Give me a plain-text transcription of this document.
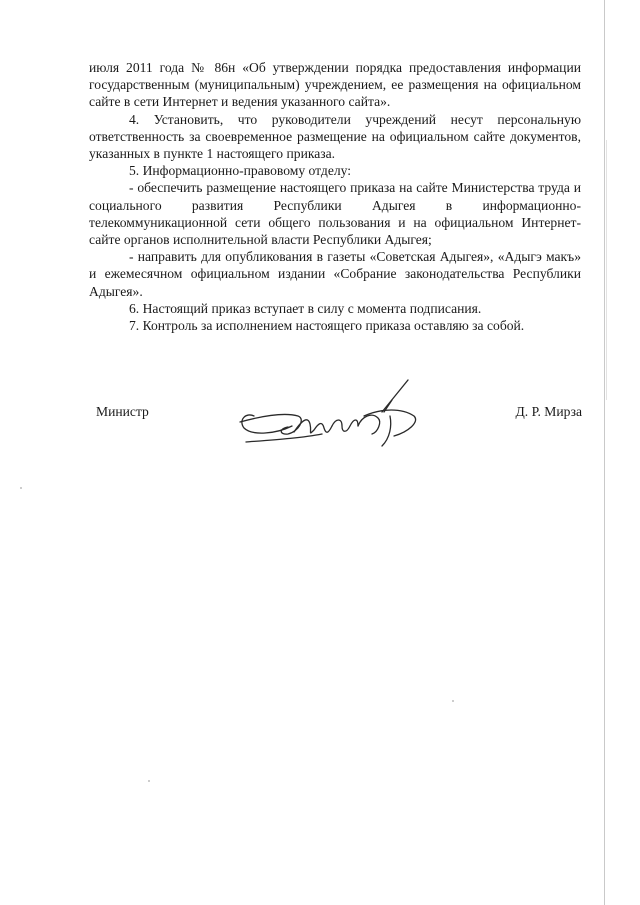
июля 2011 года № 86н «Об утверждении порядка предоставления информации государственным (муниципальным) учреждением, ее размещения на официальном сайте в сети Интернет и ведения указанного сайта».

4. Установить, что руководители учреждений несут персональную ответственность за своевременное размещение на официальном сайте документов, указанных в пункте 1 настоящего приказа.

5. Информационно-правовому отделу:

- обеспечить размещение настоящего приказа на сайте Министерства труда и социального развития Республики Адыгея в информационно-телекоммуникационной сети общего пользования и на официальном Интернет-сайте органов исполнительной власти Республики Адыгея;

- направить для опубликования в газеты «Советская Адыгея», «Адыгэ макъ» и ежемесячном официальном издании «Собрание законодательства Республики Адыгея».

6. Настоящий приказ вступает в силу с момента подписания.

7. Контроль за исполнением настоящего приказа оставляю за собой.

Министр	Д. Р. Мирза
